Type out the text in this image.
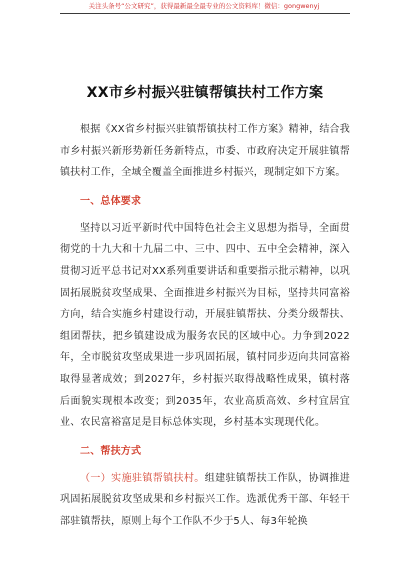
关注头条号“公文研究”，获得最新最全最专业的公文资料库！微信：gongwenyj
XX市乡村振兴驻镇帮镇扶村工作方案

根据《XX省乡村振兴驻镇帮镇扶村工作方案》精神，结合我市乡村振兴新形势新任务新特点，市委、市政府决定开展驻镇帮镇扶村工作，全域全覆盖全面推进乡村振兴，现制定如下方案。

一、总体要求

坚持以习近平新时代中国特色社会主义思想为指导，全面贯彻党的十九大和十九届二中、三中、四中、五中全会精神，深入贯彻习近平总书记对XX系列重要讲话和重要指示批示精神，以巩固拓展脱贫攻坚成果、全面推进乡村振兴为目标，坚持共同富裕方向，结合实施乡村建设行动，开展驻镇帮扶、分类分级帮扶、组团帮扶，把乡镇建设成为服务农民的区域中心。力争到2022年，全市脱贫攻坚成果进一步巩固拓展，镇村同步迈向共同富裕取得显著成效；到2027年，乡村振兴取得战略性成果，镇村落后面貌实现根本改变；到2035年，农业高质高效、乡村宜居宜业、农民富裕富足是目标总体实现，乡村基本实现现代化。

二、帮扶方式

（一）实施驻镇帮镇扶村。组建驻镇帮扶工作队，协调推进巩固拓展脱贫攻坚成果和乡村振兴工作。选派优秀干部、年轻干部驻镇帮扶，原则上每个工作队不少于5人、每3年轮换
